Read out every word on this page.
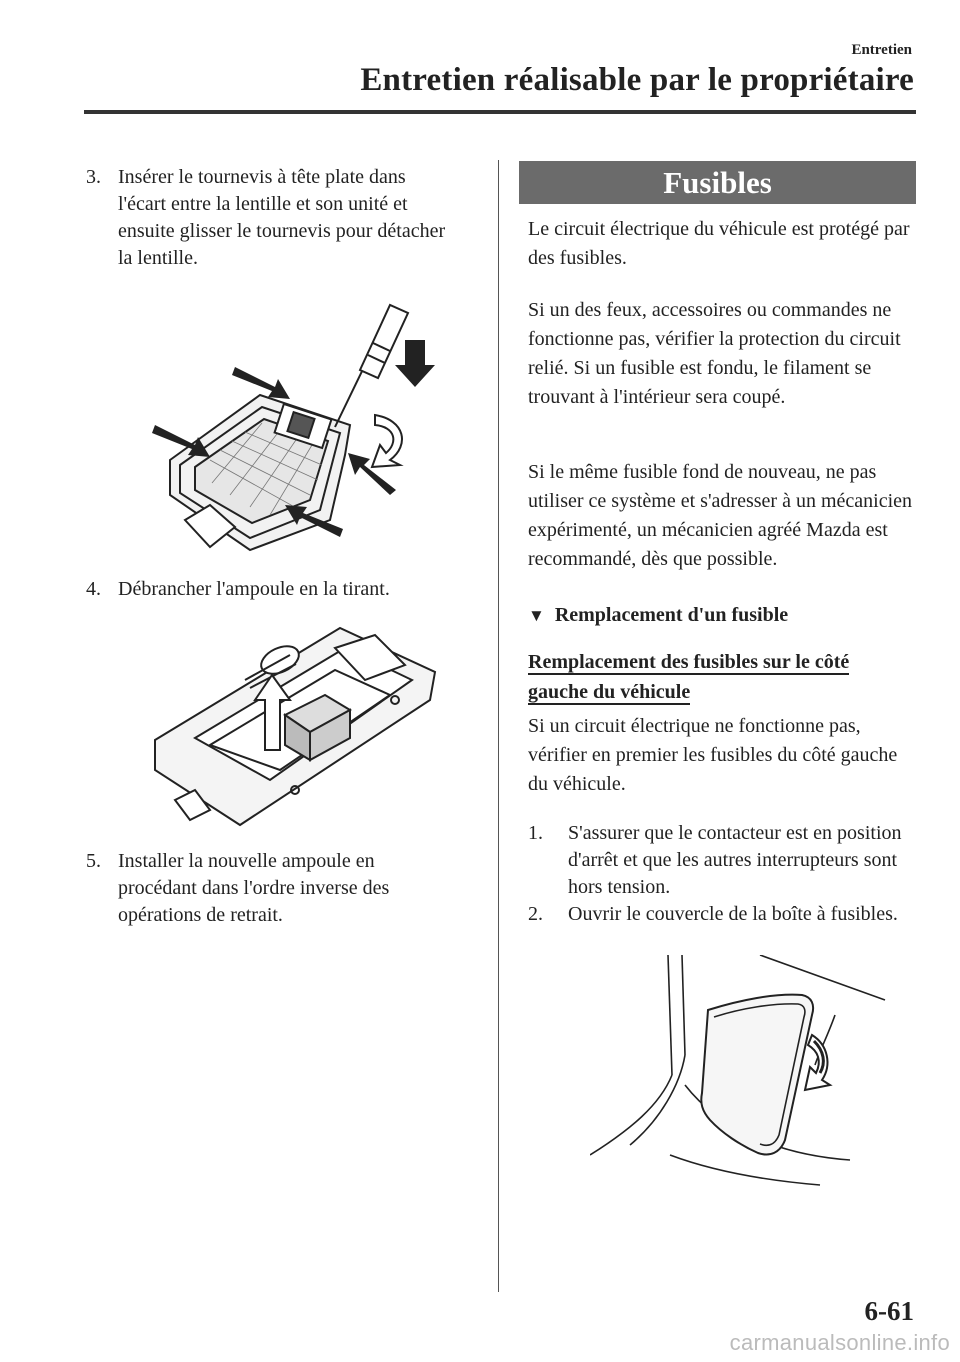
Entretien
Entretien réalisable par le propriétaire
3. Insérer le tournevis à tête plate dans l'écart entre la lentille et son unité et ensuite glisser le tournevis pour détacher la lentille.
4. Débrancher l'ampoule en la tirant.
5. Installer la nouvelle ampoule en procédant dans l'ordre inverse des opérations de retrait.
Fusibles
Le circuit électrique du véhicule est protégé par des fusibles.
Si un des feux, accessoires ou commandes ne fonctionne pas, vérifier la protection du circuit relié. Si un fusible est fondu, le filament se trouvant à l'intérieur sera coupé.
Si le même fusible fond de nouveau, ne pas utiliser ce système et s'adresser à un mécanicien expérimenté, un mécanicien agréé Mazda est recommandé, dès que possible.
▼ Remplacement d'un fusible
Remplacement des fusibles sur le côté gauche du véhicule
Si un circuit électrique ne fonctionne pas, vérifier en premier les fusibles du côté gauche du véhicule.
1. S'assurer que le contacteur est en position d'arrêt et que les autres interrupteurs sont hors tension.
2. Ouvrir le couvercle de la boîte à fusibles.
6-61
carmanualsonline.info
